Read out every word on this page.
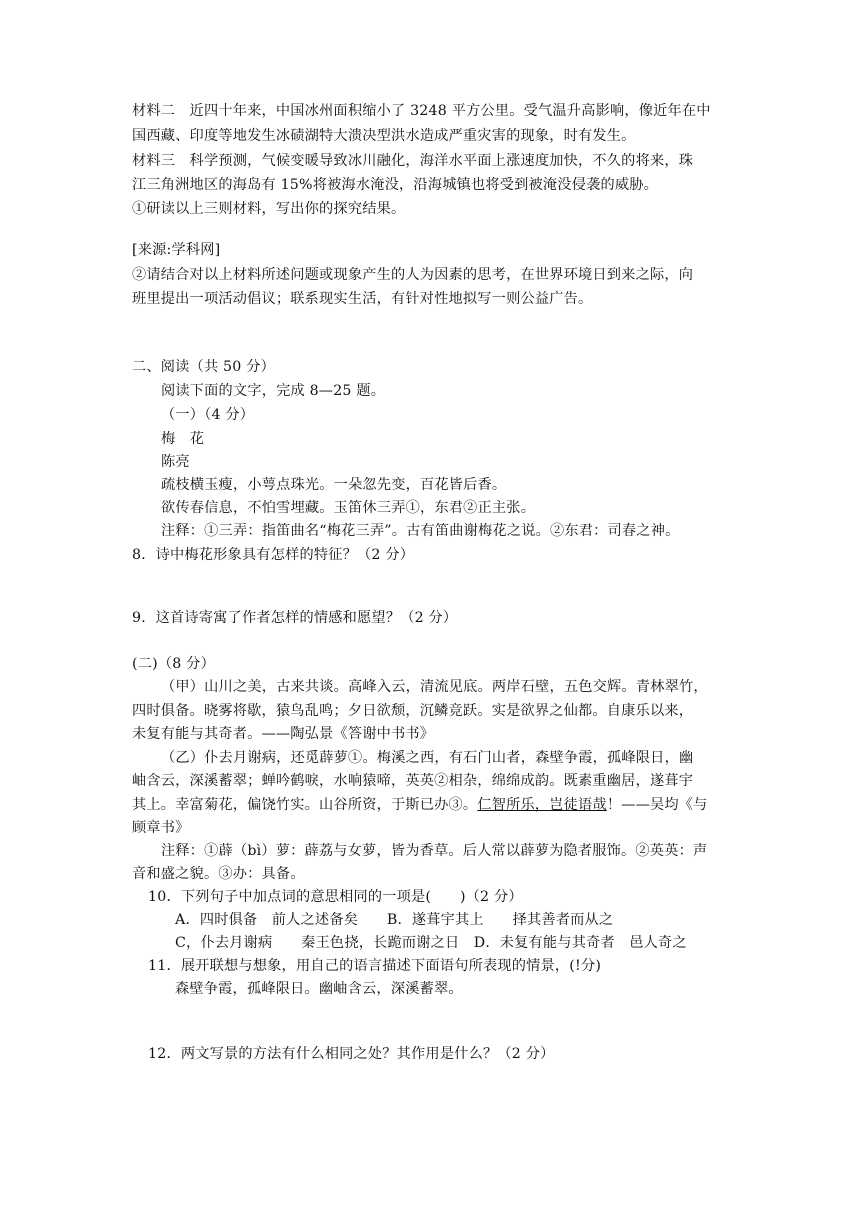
材料二　近四十年来，中国冰州面积缩小了 3248 平方公里。受气温升高影响，像近年在中
国西藏、印度等地发生冰碛湖特大溃决型洪水造成严重灾害的现象，时有发生。
材料三　科学预测，气候变暖导致冰川融化，海洋水平面上涨速度加快，不久的将来，珠
江三角洲地区的海岛有 15%将被海水淹没，沿海城镇也将受到被淹没侵袭的威胁。
①研读以上三则材料，写出你的探究结果。
[来源:学科网]
②请结合对以上材料所述问题或现象产生的人为因素的思考，在世界环境日到来之际，向
班里提出一项活动倡议；联系现实生活，有针对性地拟写一则公益广告。
二、阅读（共 50 分）
阅读下面的文字，完成 8—25 题。
（一）（4 分）
梅　花
陈亮
疏枝横玉瘦，小萼点珠光。一朵忽先变，百花皆后香。
欲传春信息，不怕雪埋藏。玉笛休三弄①，东君②正主张。
注释：①三弄：指笛曲名“梅花三弄”。古有笛曲谢梅花之说。②东君：司春之神。
8．诗中梅花形象具有怎样的特征？（2 分）
9．这首诗寄寓了作者怎样的情感和愿望？（2 分）
(二)（8 分）
（甲）山川之美，古来共谈。高峰入云，清流见底。两岸石壁，五色交辉。青林翠竹，
四时俱备。晓雾将歇，猿鸟乱鸣；夕日欲颓，沉鳞竞跃。实是欲界之仙都。自康乐以来，
未复有能与其奇者。——陶弘景《答谢中书书》
（乙）仆去月谢病，还觅薜萝①。梅溪之西，有石门山者，森壁争霞，孤峰限日，幽
岫含云，深溪蓄翠；蝉吟鹤唳，水响猿啼，英英②相杂，绵绵成韵。既素重幽居，遂葺宇
其上。幸富菊花，偏饶竹实。山谷所资，于斯已办③。仁智所乐，岂徒语哉！——吴均《与
顾章书》
注释：①薜（bì）萝：薜荔与女萝，皆为香草。后人常以薜萝为隐者服饰。②英英：声
音和盛之貌。③办：具备。
10．下列句子中加点词的意思相同的一项是(　　)（2 分）
A．四时俱备　前人之述备矣　　B．遂葺宇其上　　择其善者而从之
C，仆去月谢病　　秦王色挠，长跪而谢之日　D．未复有能与其奇者　邑人奇之
11．展开联想与想象，用自己的语言描述下面语句所表现的情景，(!分)
森壁争霞，孤峰限日。幽岫含云，深溪蓄翠。
12．两文写景的方法有什么相同之处？其作用是什么？（2 分）
